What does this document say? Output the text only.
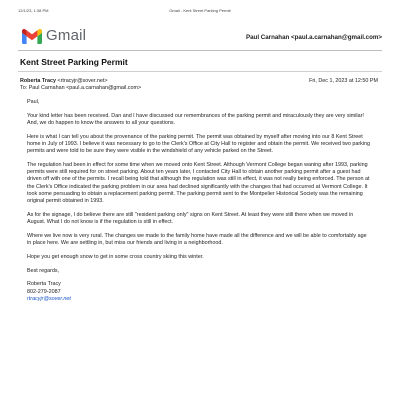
12/1/23, 1:38 PM	Gmail - Kent Street Parking Permit
Gmail	Paul Carnahan <paul.a.carnahan@gmail.com>
Kent Street Parking Permit
Roberta Tracy <rtracyjr@sover.net>
To: Paul Carnahan <paul.a.carnahan@gmail.com>
Fri, Dec 1, 2023 at 12:50 PM

Paul,

Your kind letter has been received. Dan and I have discussed our remembrances of the parking permit and miraculously they are very similar! And, we do happen to know the answers to all your questions.

Here is what I can tell you about the provenance of the parking permit. The permit was obtained by myself after moving into our 8 Kent Street home in July of 1993. I believe it was necessary to go to the Clerk's Office at City Hall to register and obtain the permit. We received two parking permits and were told to be sure they were visible in the windshield of any vehicle parked on the Street.

The regulation had been in effect for some time when we moved onto Kent Street. Although Vermont College began waning after 1993, parking permits were still required for on street parking. About ten years later, I contacted City Hall to obtain another parking permit after a guest had driven off with one of the permits. I recall being told that although the regulation was still in effect, it was not really being enforced. The person at the Clerk's Office indicated the parking problem in our area had declined significantly with the changes that had occurred at Vermont College. It took some persuading to obtain a replacement parking permit. The parking permit sent to the Montpelier Historical Society was the remaining original permit obtained in 1993.

As for the signage, I do believe there are still "resident parking only" signs on Kent Street. At least they were still there when we moved in August. What I do not know is if the regulation is still in effect.

Where we live now is very rural. The changes we made to the family home have made all the difference and we will be able to comfortably age in place here. We are settling in, but miss our friends and living in a neighborhood.

Hope you get enough snow to get in some cross country skiing this winter.

Best regards,

Roberta Tracy
802-279-2087
rtracyjr@sover.net
